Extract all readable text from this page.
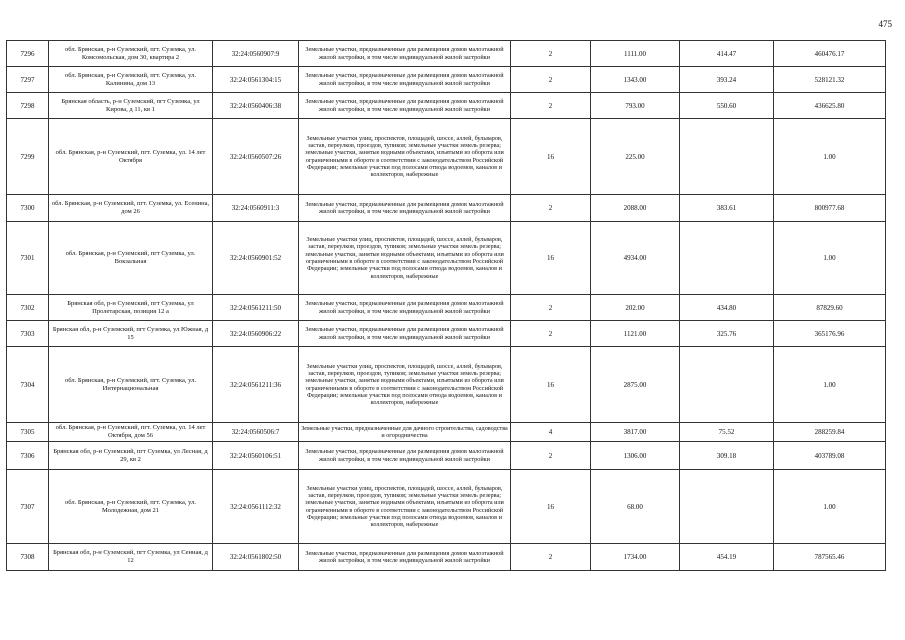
475
7296	обл. Брянская, р-н Суземский, пгт. Суземка, ул. Комсомольская, дом 30, квартира 2	32:24:0560907:9	Земельные участки, предназначенные для размещения домов малоэтажной жилой застройки, в том числе индивидуальной жилой застройки	2	1111.00	414.47	460476.17
7297	обл. Брянская, р-н Суземский, пгт. Суземка, ул. Калинина, дом 13	32:24:0561304:15	Земельные участки, предназначенные для размещения домов малоэтажной жилой застройки, в том числе индивидуальной жилой застройки	2	1343.00	393.24	528121.32
7298	Брянская область, р-н Суземский, пгт Суземка, ул Кирова, д 11, кв 1	32:24:0560406:38	Земельные участки, предназначенные для размещения домов малоэтажной жилой застройки, в том числе индивидуальной жилой застройки	2	793.00	550.60	436625.80
7299	обл. Брянская, р-н Суземский, пгт. Суземка, ул. 14 лет Октября	32:24:0560507:26	Земельные участки улиц, проспектов, площадей, шоссе, аллей, бульваров, застав, переулков, проездов, тупиков; земельные участки земель резерва; земельные участки, занятые водными объектами, изъятыми из оборота или ограниченными в обороте в соответствии с законодательством Российской Федерации; земельные участки под полосами отвода водоемов, каналов и коллекторов, набережные	16	225.00		1.00
7300	обл. Брянская, р-н Суземский, пгт. Суземка, ул. Есенина, дом 26	32:24:0560911:3	Земельные участки, предназначенные для размещения домов малоэтажной жилой застройки, в том числе индивидуальной жилой застройки	2	2088.00	383.61	800977.68
7301	обл. Брянская, р-н Суземский, пгт Суземка, ул. Вокзальная	32:24:0560901:52	Земельные участки улиц, проспектов, площадей, шоссе, аллей, бульваров, застав, переулков, проездов, тупиков; земельные участки земель резерва; земельные участки, занятые водными объектами, изъятыми из оборота или ограниченными в обороте в соответствии с законодательством Российской Федерации; земельные участки под полосами отвода водоемов, каналов и коллекторов, набережные	16	4934.00		1.00
7302	Брянская обл, р-н Суземский, пгт Суземка, ул Пролетарская, позиция 12 а	32:24:0561211:50	Земельные участки, предназначенные для размещения домов малоэтажной жилой застройки, в том числе индивидуальной жилой застройки	2	202.00	434.80	87829.60
7303	Брянская обл, р-н Суземский, пгт Суземка, ул Южная, д 15	32:24:0560906:22	Земельные участки, предназначенные для размещения домов малоэтажной жилой застройки, в том числе индивидуальной жилой застройки	2	1121.00	325.76	365176.96
7304	обл. Брянская, р-н Суземский, пгт. Суземка, ул. Интернациональная	32:24:0561211:36	Земельные участки улиц, проспектов, площадей, шоссе, аллей, бульваров, застав, переулков, проездов, тупиков; земельные участки земель резерва; земельные участки, занятые водными объектами, изъятыми из оборота или ограниченными в обороте в соответствии с законодательством Российской Федерации; земельные участки под полосами отвода водоемов, каналов и коллекторов, набережные	16	2875.00		1.00
7305	обл. Брянская, р-н Суземский, пгт. Суземка, ул. 14 лет Октября, дом 56	32:24:0560506:7	Земельные участки, предназначенные для дачного строительства, садоводства и огородничества	4	3817.00	75.52	288259.84
7306	Брянская обл, р-н Суземский, пгт Суземка, ул Лесная, д 29, кв 2	32:24:0560106:51	Земельные участки, предназначенные для размещения домов малоэтажной жилой застройки, в том числе индивидуальной жилой застройки	2	1306.00	309.18	403789.08
7307	обл. Брянская, р-н Суземский, пгт. Суземка, ул. Молодежная, дом 21	32:24:0561112:32	Земельные участки улиц, проспектов, площадей, шоссе, аллей, бульваров, застав, переулков, проездов, тупиков; земельные участки земель резерва; земельные участки, занятые водными объектами, изъятыми из оборота или ограниченными в обороте в соответствии с законодательством Российской Федерации; земельные участки под полосами отвода водоемов, каналов и коллекторов, набережные	16	68.00		1.00
7308	Брянская обл, р-н Суземский, пгт Суземка, ул Сенная, д 12	32:24:0561802:50	Земельные участки, предназначенные для размещения домов малоэтажной жилой застройки, в том числе индивидуальной жилой застройки	2	1734.00	454.19	787565.46
